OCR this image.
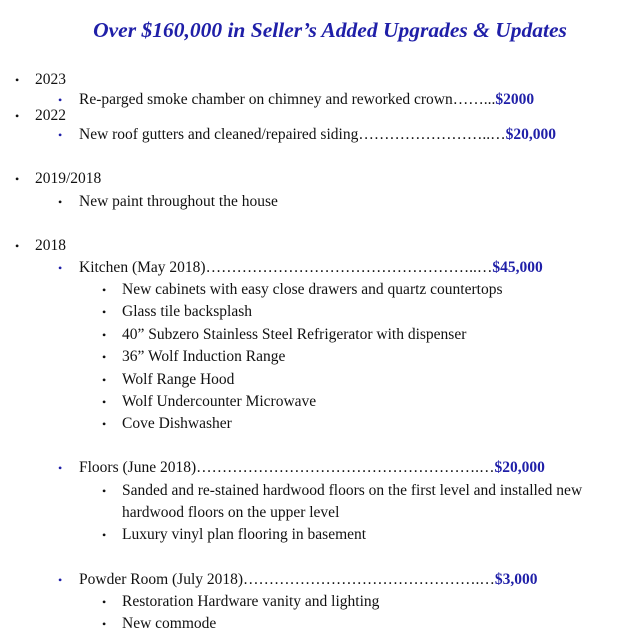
Over $160,000 in Seller’s Added Upgrades & Updates
• 2023
• Re-parged smoke chamber on chimney and reworked crown……...$2000
• 2022
• New roof gutters and cleaned/repaired siding……………………..…$20,000
• 2019/2018
• New paint throughout the house
• 2018
• Kitchen (May 2018)……………………………………………..…$45,000
• New cabinets with easy close drawers and quartz countertops
• Glass tile backsplash
• 40” Subzero Stainless Steel Refrigerator with dispenser
• 36” Wolf Induction Range
• Wolf Range Hood
• Wolf Undercounter Microwave
• Cove Dishwasher
• Floors (June 2018)……………………………………………….…$20,000
• Sanded and re-stained hardwood floors on the first level and installed new
hardwood floors on the upper level
• Luxury vinyl plan flooring in basement
• Powder Room (July 2018)……………………………………….…$3,000
• Restoration Hardware vanity and lighting
• New commode
